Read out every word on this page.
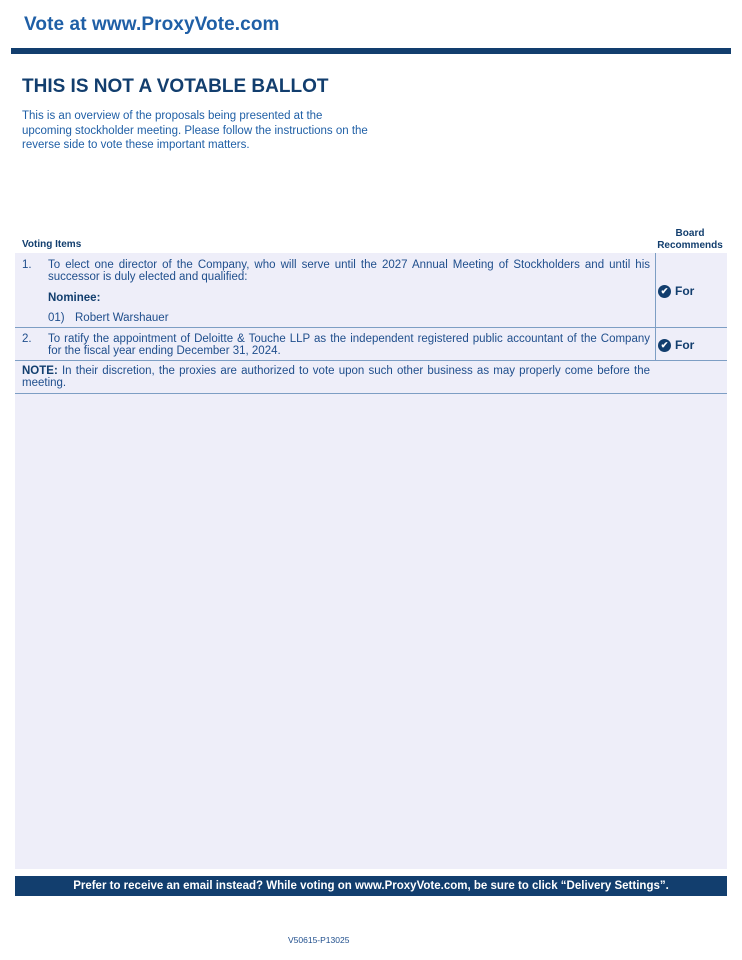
Vote at www.ProxyVote.com
THIS IS NOT A VOTABLE BALLOT

This is an overview of the proposals being presented at the upcoming stockholder meeting. Please follow the instructions on the reverse side to vote these important matters.

Voting Items
Board
Recommends
1. To elect one director of the Company, who will serve until the 2027 Annual Meeting of Stockholders and until his successor is duly elected and qualified:
Nominee:
01) Robert Warshauer
✔ For
2. To ratify the appointment of Deloitte & Touche LLP as the independent registered public accountant of the Company for the fiscal year ending December 31, 2024.
✔ For

NOTE: In their discretion, the proxies are authorized to vote upon such other business as may properly come before the meeting.

Prefer to receive an email instead? While voting on www.ProxyVote.com, be sure to click “Delivery Settings”.
V50615-P13025
